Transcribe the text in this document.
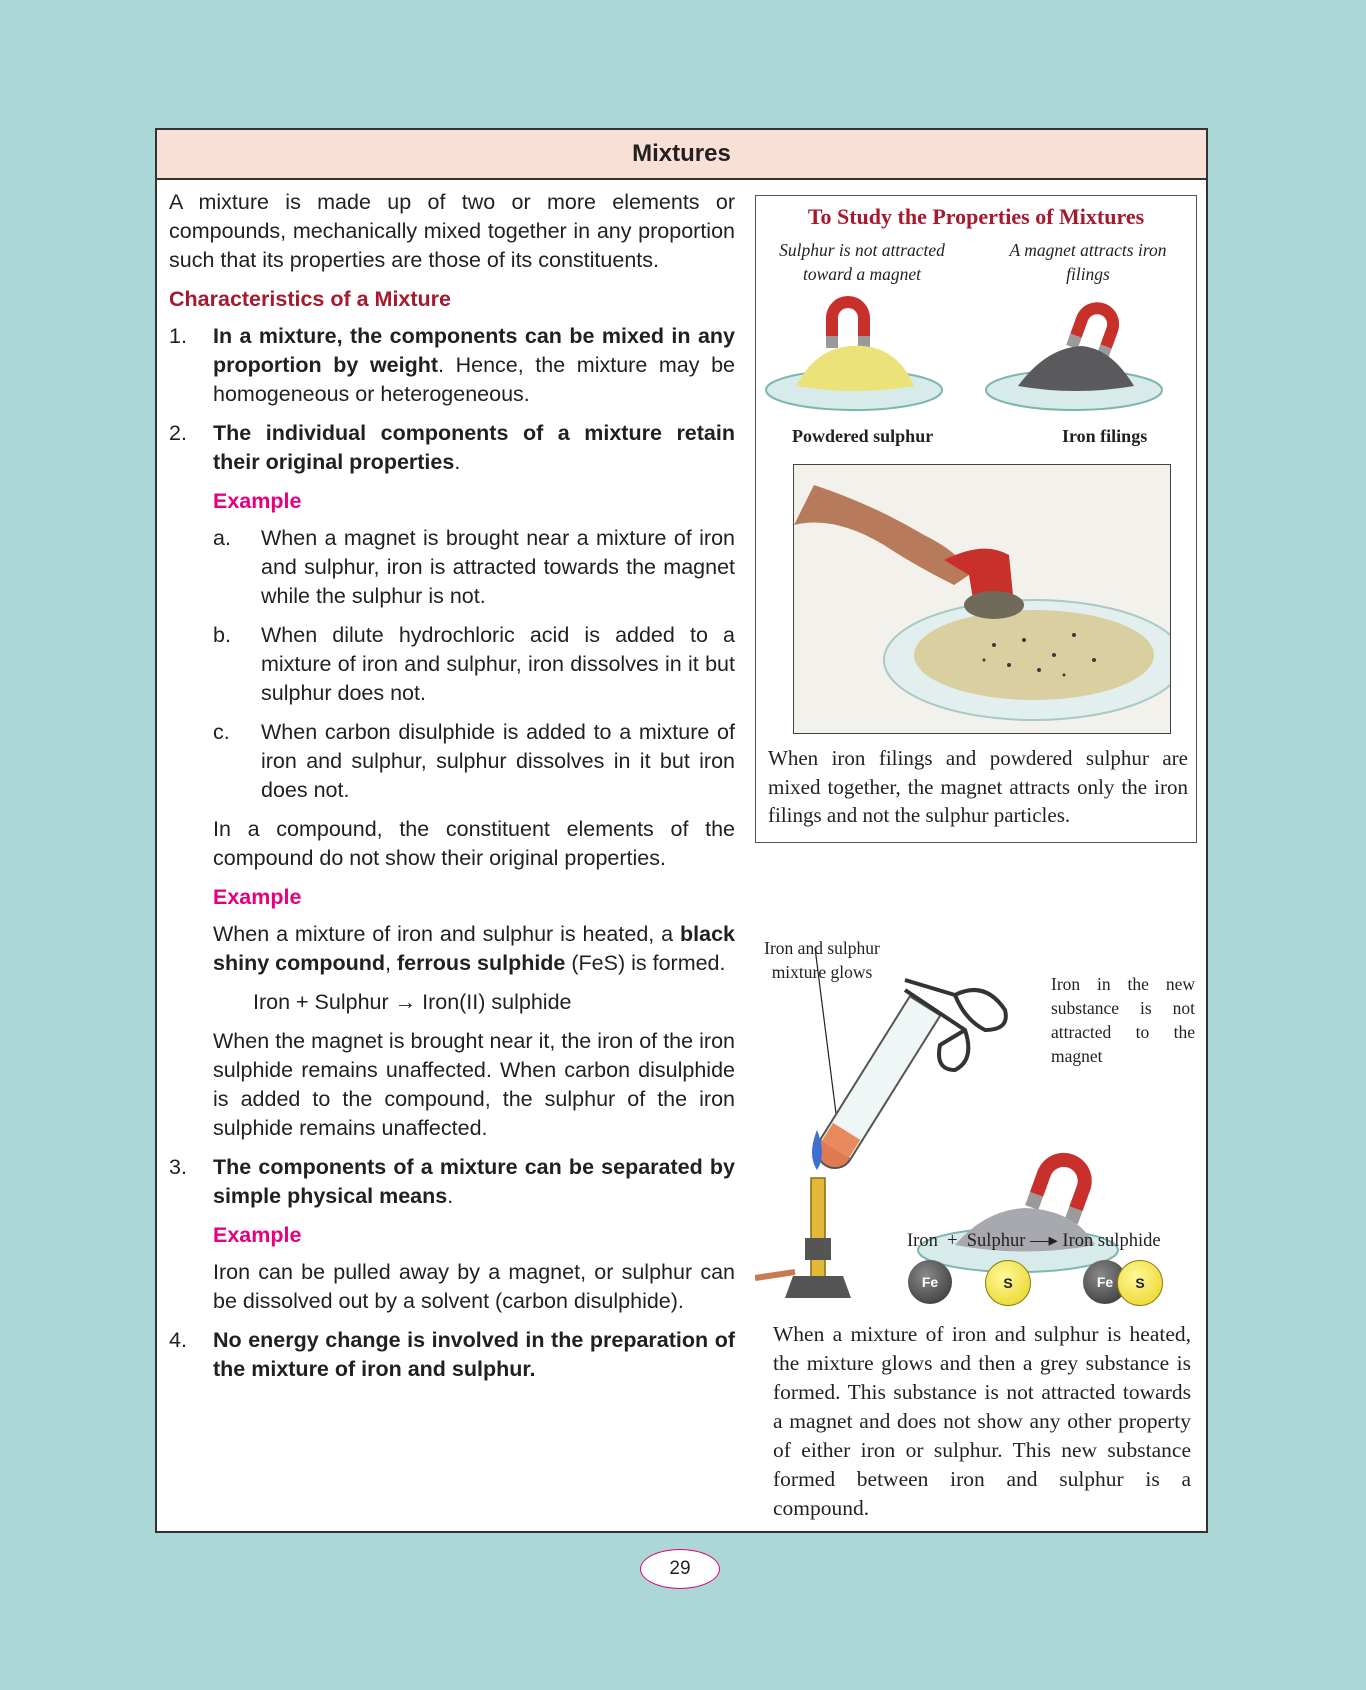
Mixtures

A mixture is made up of two or more elements or compounds, mechanically mixed together in any proportion such that its properties are those of its constituents.

Characteristics of a Mixture

1.	In a mixture, the components can be mixed in any proportion by weight. Hence, the mixture may be homogeneous or heterogeneous.
2.	The individual components of a mixture retain their original properties.

Example

a.	When a magnet is brought near a mixture of iron and sulphur, iron is attracted towards the magnet while the sulphur is not.
b.	When dilute hydrochloric acid is added to a mixture of iron and sulphur, iron dissolves in it but sulphur does not.
c.	When carbon disulphide is added to a mixture of iron and sulphur, sulphur dissolves in it but iron does not.

In a compound, the constituent elements of the compound do not show their original properties.

Example

When a mixture of iron and sulphur is heated, a black shiny compound, ferrous sulphide (FeS) is formed.

Iron + Sulphur → Iron(II) sulphide

When the magnet is brought near it, the iron of the iron sulphide remains unaffected. When carbon disulphide is added to the compound, the sulphur of the iron sulphide remains unaffected.

3.	The components of a mixture can be separated by simple physical means.

Example

Iron can be pulled away by a magnet, or sulphur can be dissolved out by a solvent (carbon disulphide).

4.	No energy change is involved in the preparation of the mixture of iron and sulphur.
To Study the Properties of Mixtures
Sulphur is not attracted toward a magnet
A magnet attracts iron filings
Powdered sulphur	Iron filings
When iron filings and powdered sulphur are mixed together, the magnet attracts only the iron filings and not the sulphur particles.
Iron and sulphur mixture glows
Iron in the new substance is not attracted to the magnet
Iron + Sulphur —▸ Iron sulphide
Fe	S	Fe	S
When a mixture of iron and sulphur is heated, the mixture glows and then a grey substance is formed. This substance is not attracted towards a magnet and does not show any other property of either iron or sulphur. This new substance formed between iron and sulphur is a compound.
29
